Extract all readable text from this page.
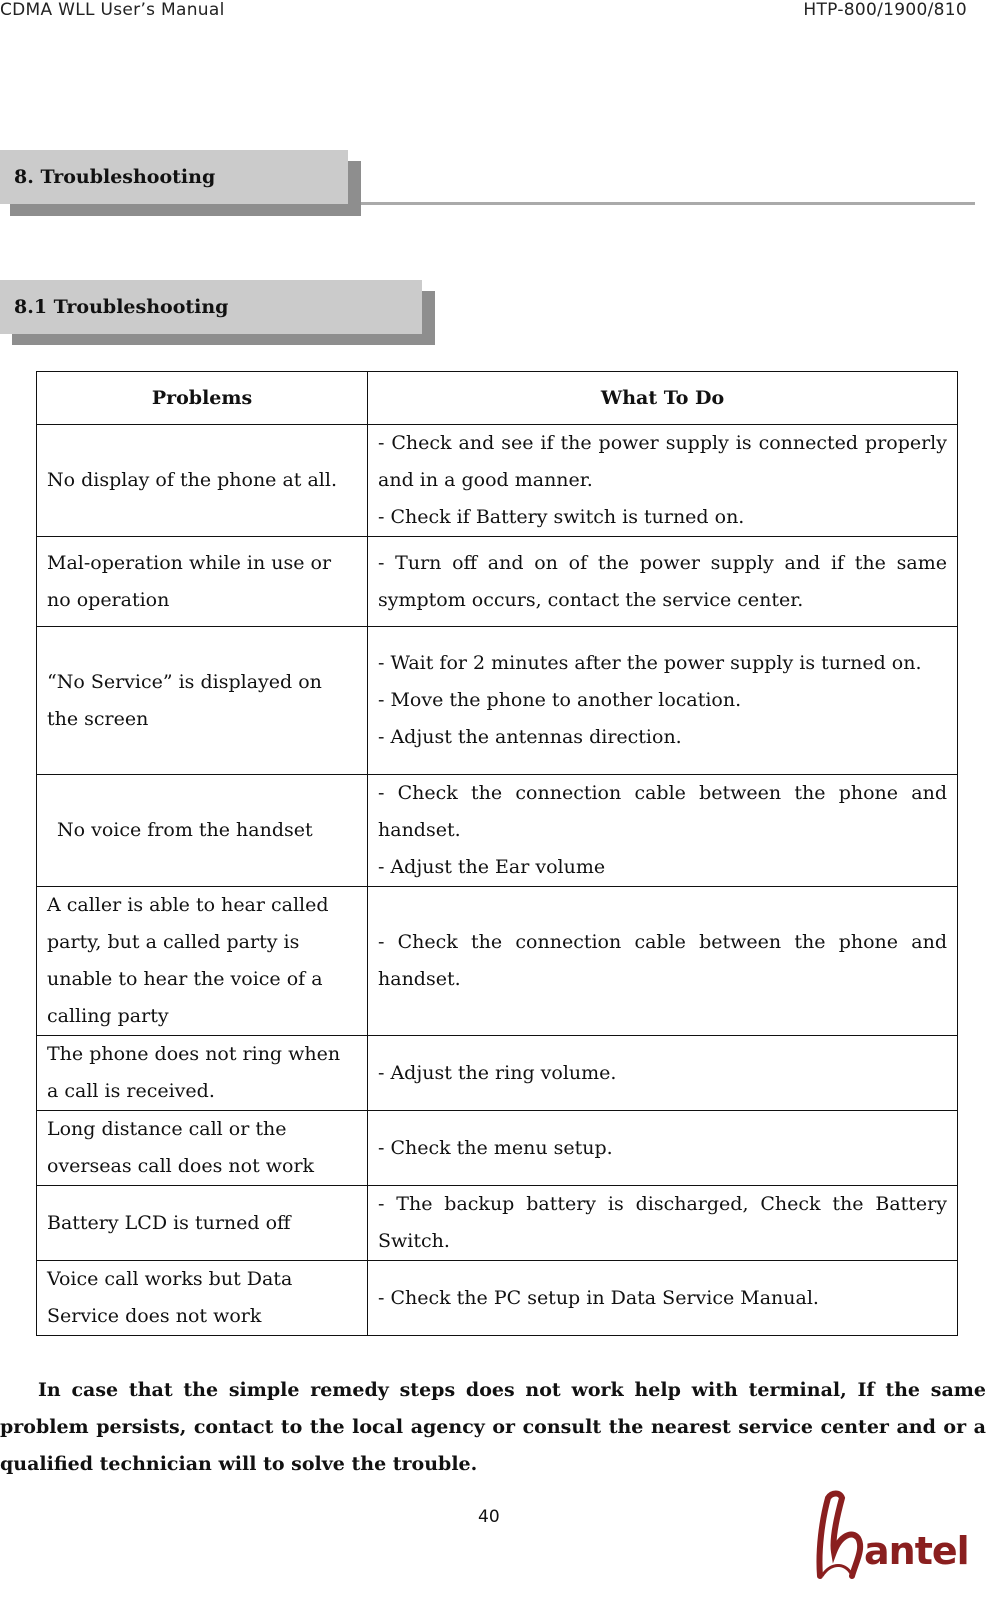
CDMA WLL User’s Manual	HTP-800/1900/810
8. Troubleshooting
8.1 Troubleshooting
Problems	What To Do
No display of the phone at all.	- Check and see if the power supply is connected properly and in a good manner.
- Check if Battery switch is turned on.

Mal-operation while in use or no operation	- Turn off and on of the power supply and if the same symptom occurs, contact the service center.

“No Service” is displayed on the screen	- Wait for 2 minutes after the power supply is turned on.
- Move the phone to another location.
- Adjust the antennas direction.

No voice from the handset	- Check the connection cable between the phone and handset.
- Adjust the Ear volume

A caller is able to hear called party, but a called party is unable to hear the voice of a calling party	- Check the connection cable between the phone and handset.

The phone does not ring when a call is received.	- Adjust the ring volume.

Long distance call or the overseas call does not work	- Check the menu setup.

Battery LCD is turned off	- The backup battery is discharged, Check the Battery Switch.

Voice call works but Data Service does not work	- Check the PC setup in Data Service Manual.

In case that the simple remedy steps does not work help with terminal, If the same problem persists, contact to the local agency or consult the nearest service center and or a qualified technician will to solve the trouble.

40
antel
